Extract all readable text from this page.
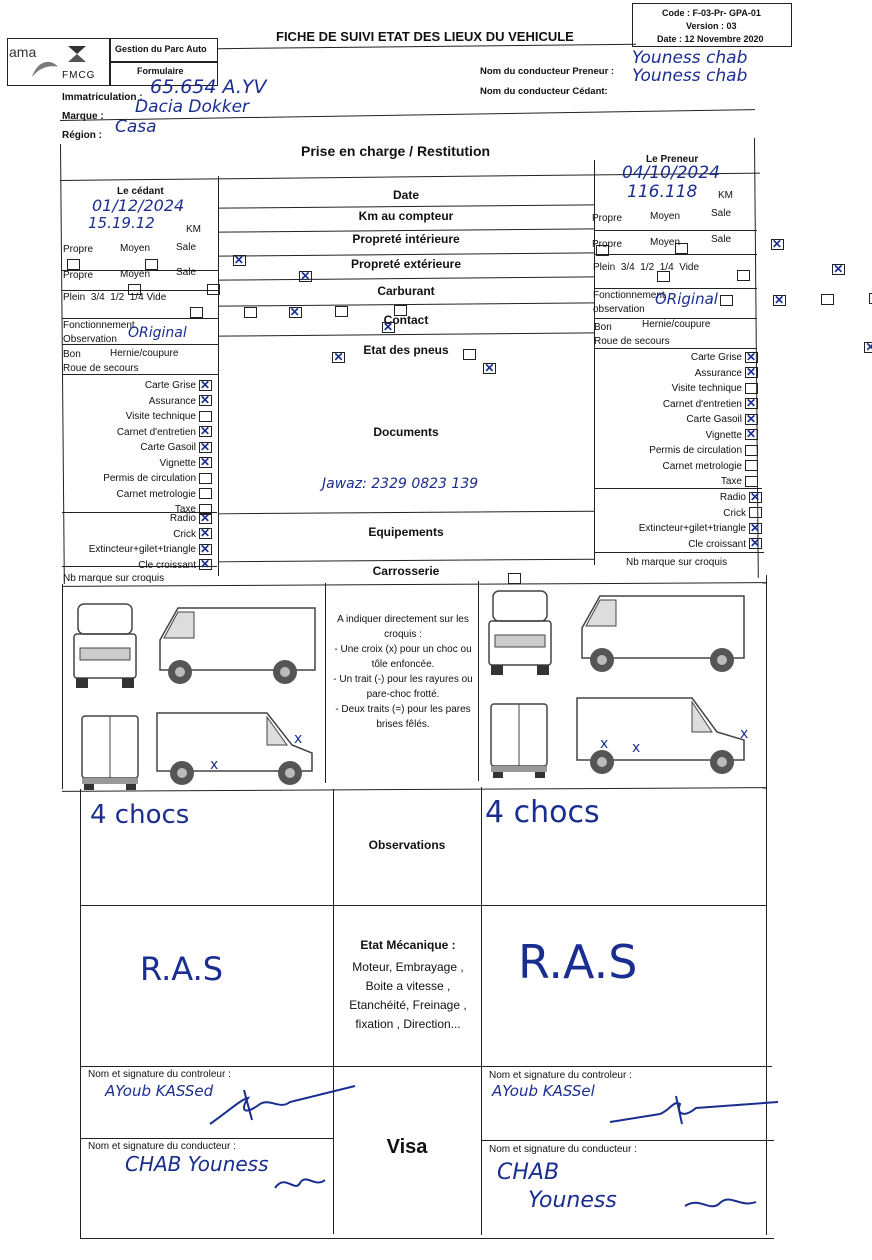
ama
FMCG
Gestion du Parc Auto
Formulaire
FICHE DE SUIVI ETAT DES LIEUX DU VEHICULE
Code : F-03-Pr- GPA-01
Version : 03
Date : 12 Novembre 2020
Immatriculation : 65.654 A.YV
Marque : Dacia Dokker
Région : Casa
Nom du conducteur Preneur :
Youness chab
Nom du conducteur Cédant:
Youness chab
Prise en charge / Restitution
Le cédant
Le Preneur
Date
Km au compteur
Propreté intérieure
Propreté extérieure
Carburant
Contact
Etat des pneus
Documents
Jawaz: 2329 0823 139
Equipements
Carrosserie
01/12/2024
15.19.12	KM
Propre	Moyen	Sale
✕
Propre	Moyen	Sale
✕
Plein 3/4 1/2 1/4 Vide
✕
Fonctionnement
✕
Observation ORiginal
Bon
✕	Hernie/coupure

Roue de secours
✕
Carte Grise✕
Assurance✕
Visite technique
Carnet d'entretien✕
Carte Gasoil✕
Vignette✕
Permis de circulation
Carnet metrologie
Taxe
Radio✕
Crick✕
Extincteur+gilet+triangle✕
Cle croissant✕
Nb marque sur croquis
04/10/2024
116.118 KM
Propre	Moyen	Sale
✕
Propre	Moyen	Sale
✕
Plein 3/4 1/2 1/4 Vide
✕
Fonctionnement

observation
ORiginal
Bon
✕	Hernie/coupure

Roue de secours

Carte Grise✕
Assurance✕
Visite technique
Carnet d'entretien✕
Carte Gasoil✕
Vignette✕
Permis de circulation
Carnet metrologie
Taxe
Radio✕
Crick
Extincteur+gilet+triangle✕
Cle croissant✕
Nb marque sur croquis
x
x
A indiquer directement sur les croquis :
- Une croix (x) pour un choc ou tôle enfoncée.
- Un trait (-) pour les rayures ou pare-choc frotté.
- Deux traits (=) pour les pares brises fêlés.
x x
x
4 chocs
Observations
4 chocs
R.A.S
Etat Mécanique :
Moteur, Embrayage , Boite a vitesse , Etanchéité, Freinage , fixation , Direction...
R.A.S
Nom et signature du controleur :
AYoub KASSed
Nom et signature du conducteur :
CHAB Youness
Visa
Nom et signature du controleur :
AYoub KASSel
Nom et signature du conducteur :
CHAB
Youness
